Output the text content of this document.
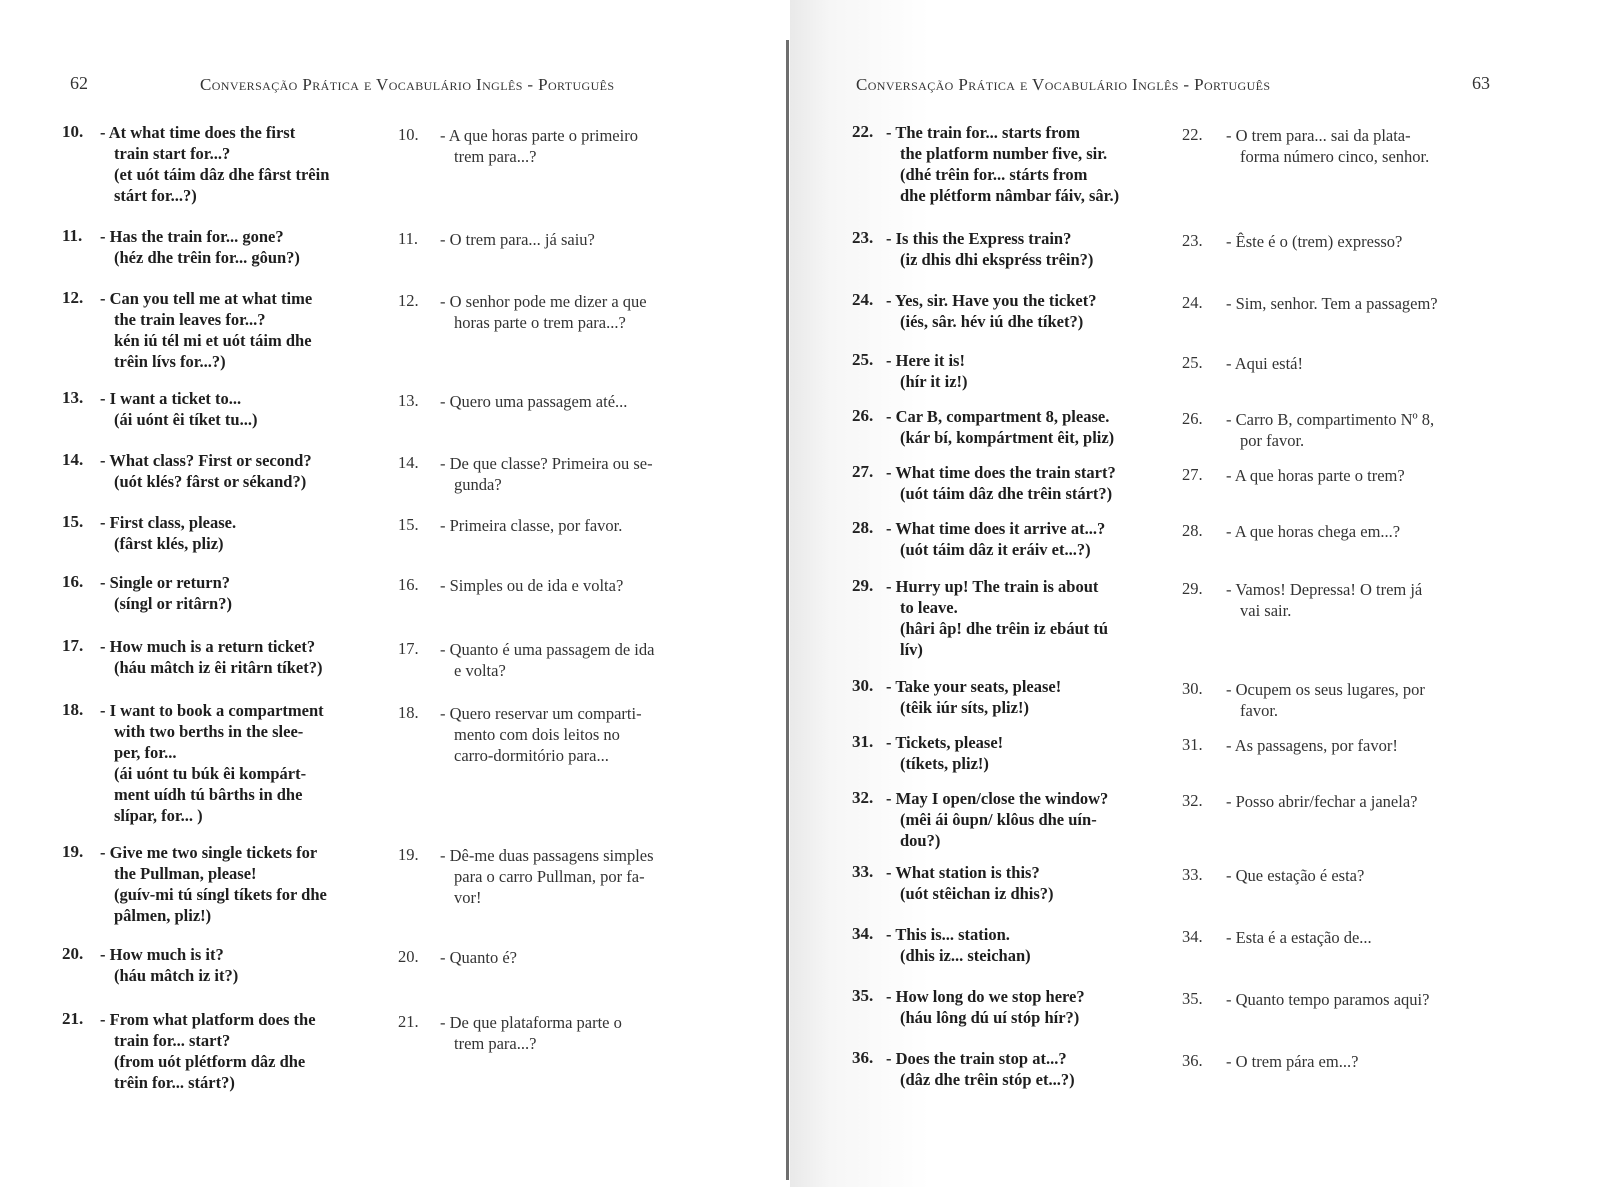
62	Conversação Prática e Vocabulário Inglês - Português
10. - At what time does the first
train start for...?
(et uót táim dâz dhe fârst trêin
stárt for...?)
10. - A que horas parte o primeiro
trem para...?
11. - Has the train for... gone?
(héz dhe trêin for... gôun?)
11. - O trem para... já saiu?
12. - Can you tell me at what time
the train leaves for...?
kén iú tél mi et uót táim dhe
trêin lívs for...?)
12. - O senhor pode me dizer a que
horas parte o trem para...?
13. - I want a ticket to...
(ái uónt êi tíket tu...)
13. - Quero uma passagem até...
14. - What class? First or second?
(uót klés? fârst or sékand?)
14. - De que classe? Primeira ou se-
gunda?
15. - First class, please.
(fârst klés, pliz)
15. - Primeira classe, por favor.
16. - Single or return?
(síngl or ritârn?)
16. - Simples ou de ida e volta?
17. - How much is a return ticket?
(háu mâtch iz êi ritârn tíket?)
17. - Quanto é uma passagem de ida
e volta?
18. - I want to book a compartment
with two berths in the slee-
per, for...
(ái uónt tu búk êi kompárt-
ment uídh tú bârths in dhe
slípar, for... )
18. - Quero reservar um comparti-
mento com dois leitos no
carro-dormitório para...
19. - Give me two single tickets for
the Pullman, please!
(guív-mi tú síngl tíkets for dhe
pâlmen, pliz!)
19. - Dê-me duas passagens simples
para o carro Pullman, por fa-
vor!
20. - How much is it?
(háu mâtch iz it?)
20. - Quanto é?
21. - From what platform does the
train for... start?
(from uót plétform dâz dhe
trêin for... stárt?)
21. - De que plataforma parte o
trem para...?
Conversação Prática e Vocabulário Inglês - Português	63
22. - The train for... starts from
the platform number five, sir.
(dhé trêin for... stárts from
dhe plétform nâmbar fáiv, sâr.)
22. - O trem para... sai da plata-
forma número cinco, senhor.
23. - Is this the Express train?
(iz dhis dhi ekspréss trêin?)
23. - Êste é o (trem) expresso?
24. - Yes, sir. Have you the ticket?
(iés, sâr. hév iú dhe tíket?)
24. - Sim, senhor. Tem a passagem?
25. - Here it is!
(hír it iz!)
25. - Aqui está!
26. - Car B, compartment 8, please.
(kár bí, kompártment êit, pliz)
26. - Carro B, compartimento Nº 8,
por favor.
27. - What time does the train start?
(uót táim dâz dhe trêin stárt?)
27. - A que horas parte o trem?
28. - What time does it arrive at...?
(uót táim dâz it eráiv et...?)
28. - A que horas chega em...?
29. - Hurry up! The train is about
to leave.
(hâri âp! dhe trêin iz ebáut tú
lív)
29. - Vamos! Depressa! O trem já
vai sair.
30. - Take your seats, please!
(têik iúr síts, pliz!)
30. - Ocupem os seus lugares, por
favor.
31. - Tickets, please!
(tíkets, pliz!)
31. - As passagens, por favor!
32. - May I open/close the window?
(mêi ái ôupn/ klôus dhe uín-
dou?)
32. - Posso abrir/fechar a janela?
33. - What station is this?
(uót stêichan iz dhis?)
33. - Que estação é esta?
34. - This is... station.
(dhis iz... steichan)
34. - Esta é a estação de...
35. - How long do we stop here?
(háu lông dú uí stóp hír?)
35. - Quanto tempo paramos aqui?
36. - Does the train stop at...?
(dâz dhe trêin stóp et...?)
36. - O trem pára em...?
